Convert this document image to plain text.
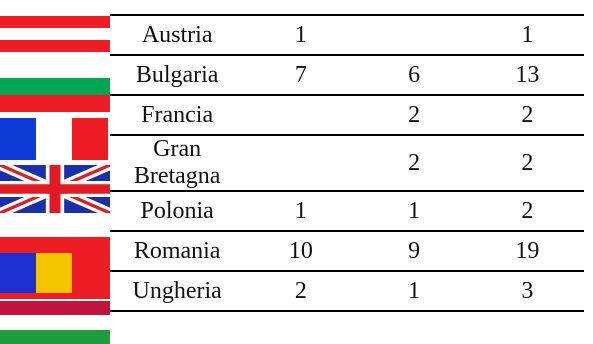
Austria	1		1
Bulgaria	7	6	13
Francia		2	2
Gran Bretagna		2	2
Polonia	1	1	2
Romania	10	9	19
Ungheria	2	1	3
